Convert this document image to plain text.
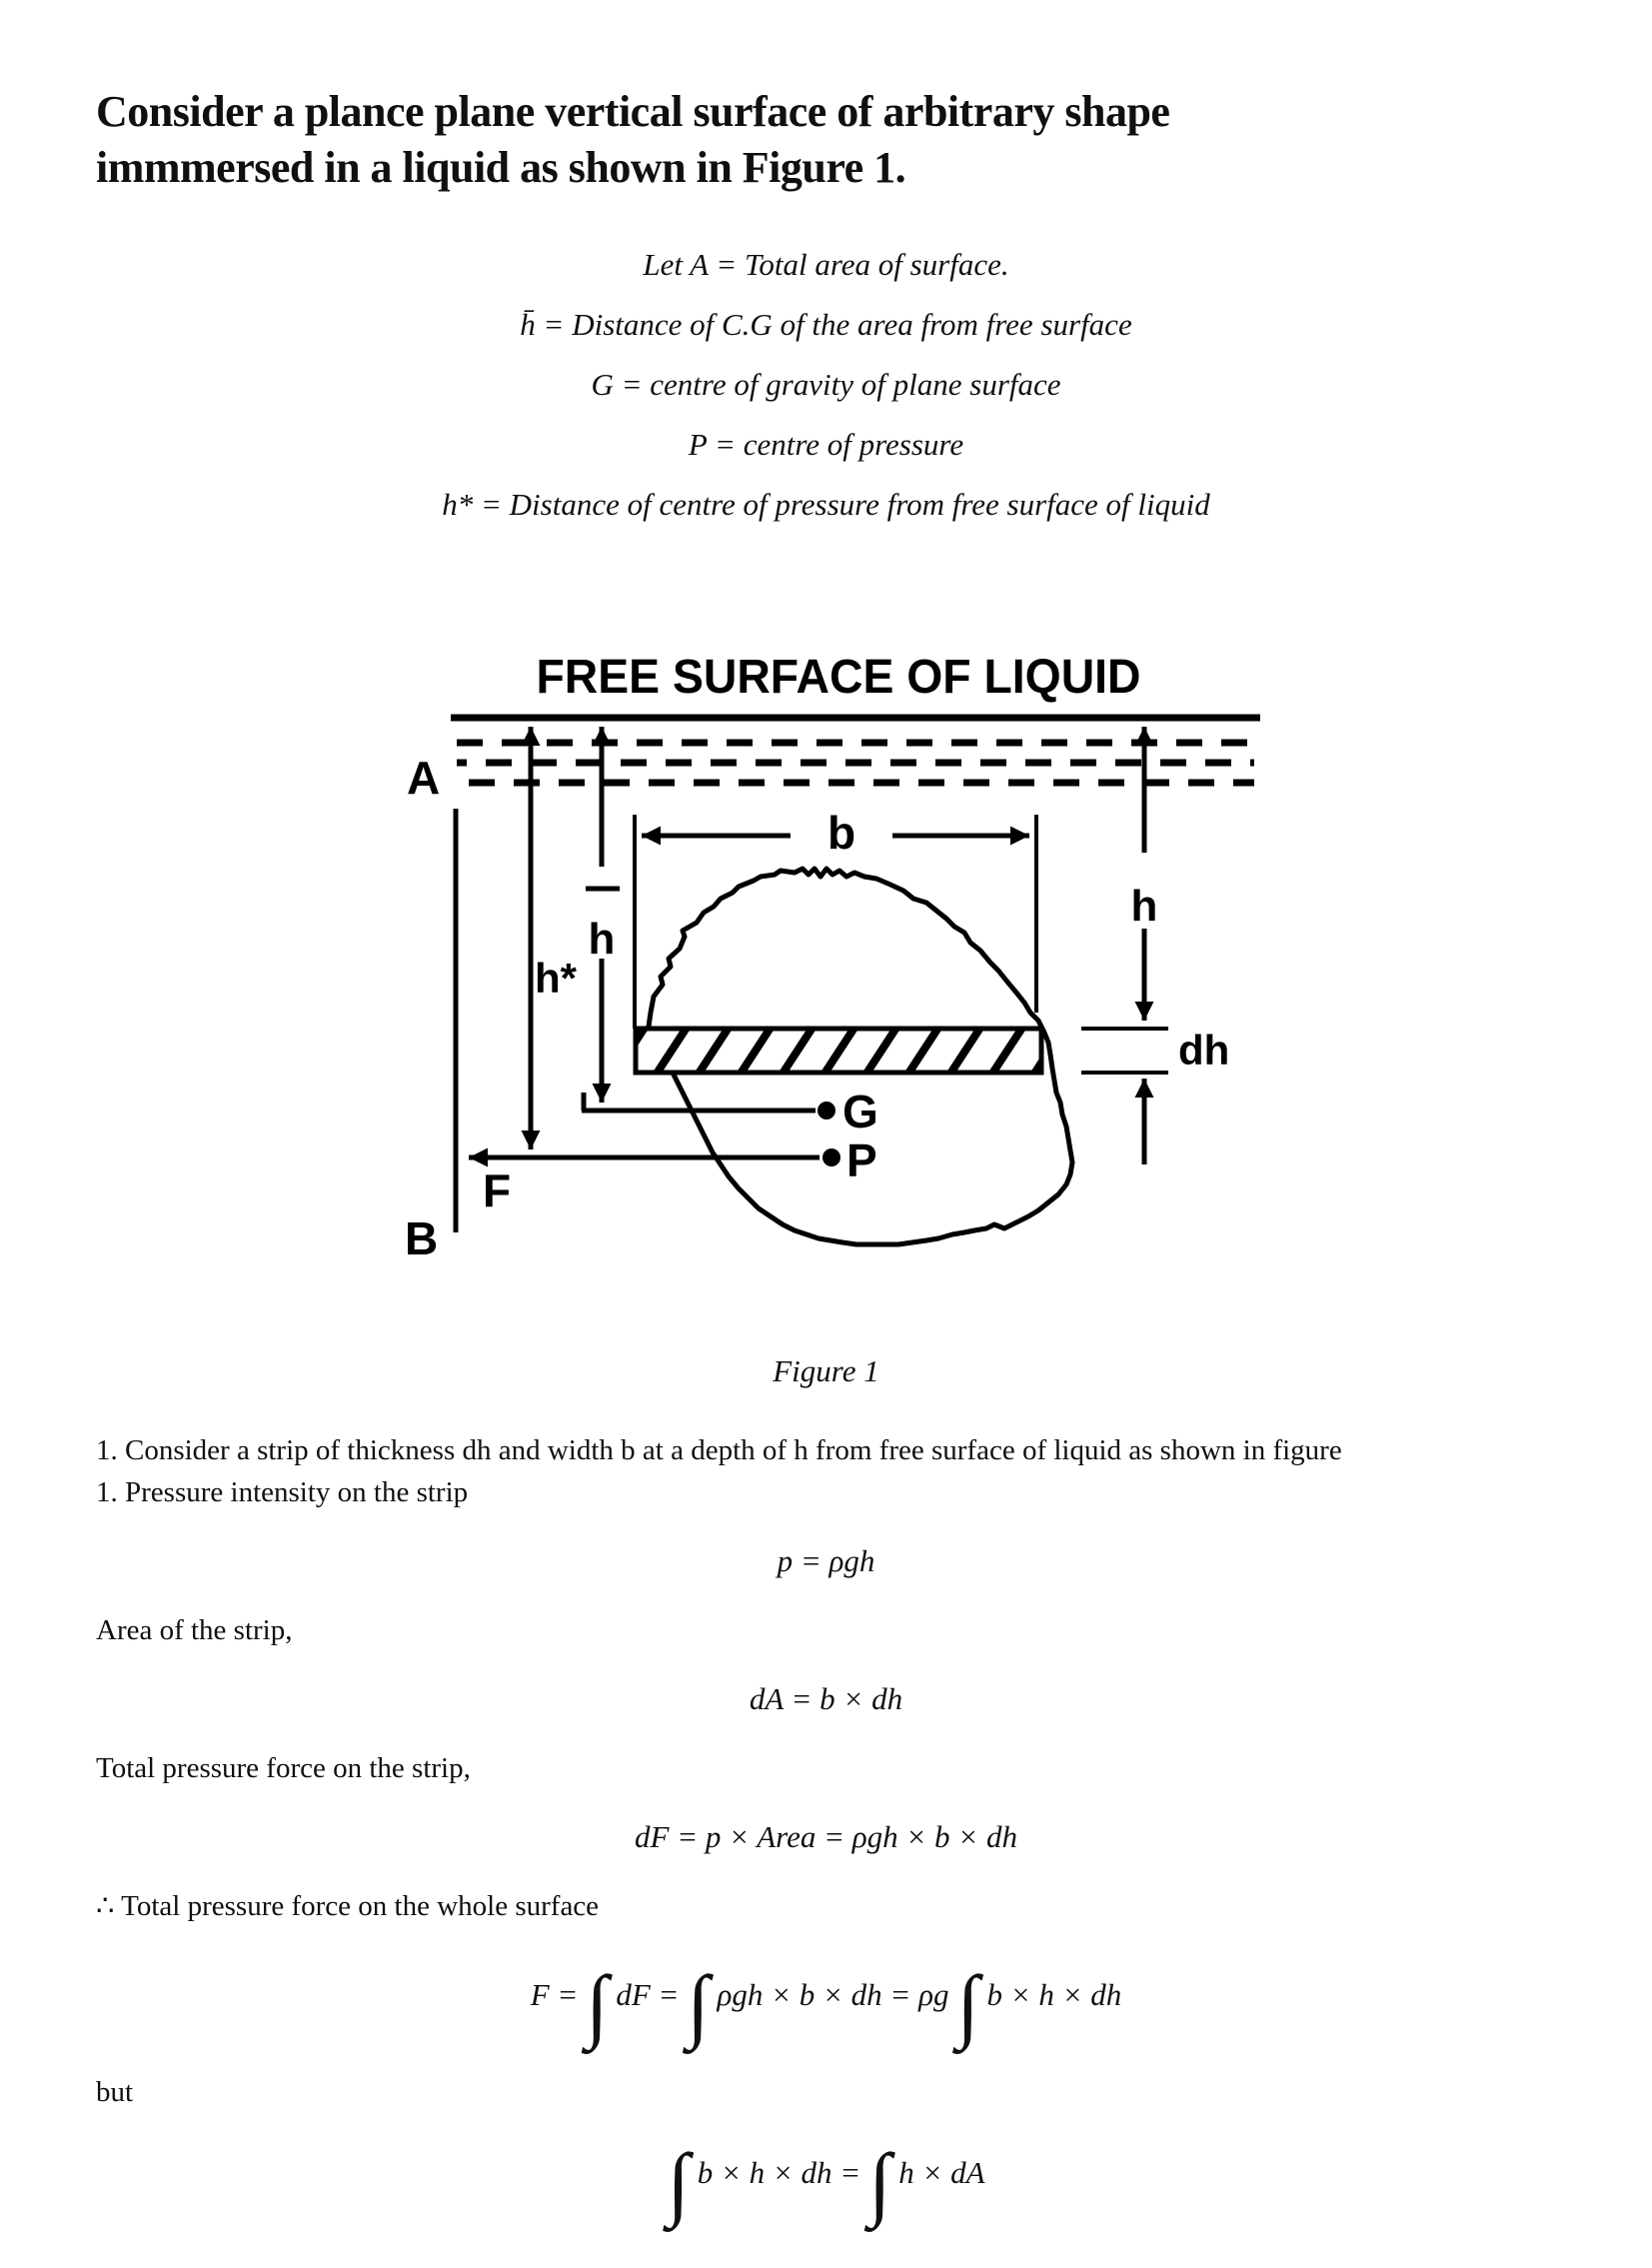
Consider a plance plane vertical surface of arbitrary shape
immmersed in a liquid as shown in Figure 1.
Let A = Total area of surface.
h̄ = Distance of C.G of the area from free surface
G = centre of gravity of plane surface
P = centre of pressure
h* = Distance of centre of pressure from free surface of liquid
FREE SURFACE OF LIQUID
A
B
h*
h
b
h
dh
G
P
F
Figure 1
1. Consider a strip of thickness dh and width b at a depth of h from free surface of liquid as shown in figure
1. Pressure intensity on the strip
p = ρgh
Area of the strip,
dA = b × dh
Total pressure force on the strip,
dF = p × Area = ρgh × b × dh
∴ Total pressure force on the whole surface
F = ∫ dF = ∫ ρgh × b × dh = ρg ∫ b × h × dh
but
∫ b × h × dh = ∫ h × dA
